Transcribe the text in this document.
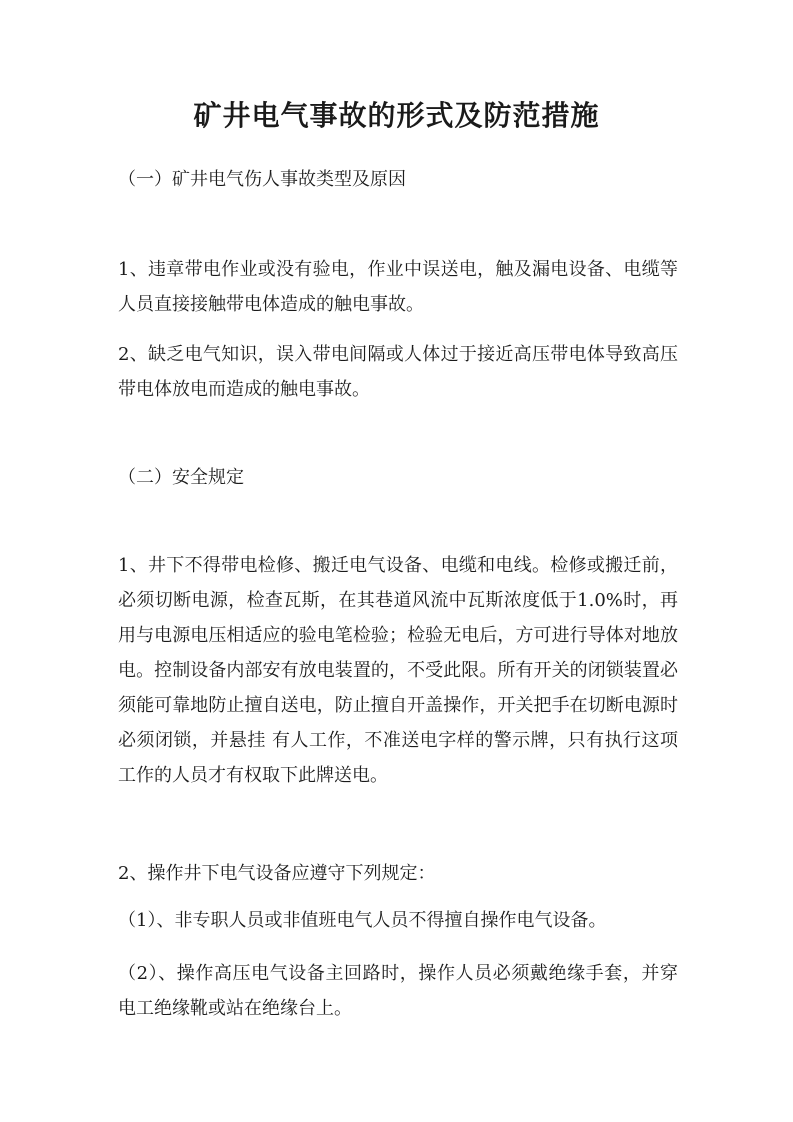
矿井电气事故的形式及防范措施

（一）矿井电气伤人事故类型及原因

1、违章带电作业或没有验电，作业中误送电，触及漏电设备、电缆等人员直接接触带电体造成的触电事故。

2、缺乏电气知识，误入带电间隔或人体过于接近高压带电体导致高压带电体放电而造成的触电事故。

（二）安全规定

1、井下不得带电检修、搬迁电气设备、电缆和电线。检修或搬迁前，必须切断电源，检查瓦斯，在其巷道风流中瓦斯浓度低于1.0%时，再用与电源电压相适应的验电笔检验；检验无电后，方可进行导体对地放电。控制设备内部安有放电装置的，不受此限。所有开关的闭锁装置必须能可靠地防止擅自送电，防止擅自开盖操作，开关把手在切断电源时必须闭锁，并悬挂 有人工作，不准送电字样的警示牌，只有执行这项工作的人员才有权取下此牌送电。

2、操作井下电气设备应遵守下列规定：

（1）、非专职人员或非值班电气人员不得擅自操作电气设备。

（2）、操作高压电气设备主回路时，操作人员必须戴绝缘手套，并穿电工绝缘靴或站在绝缘台上。
